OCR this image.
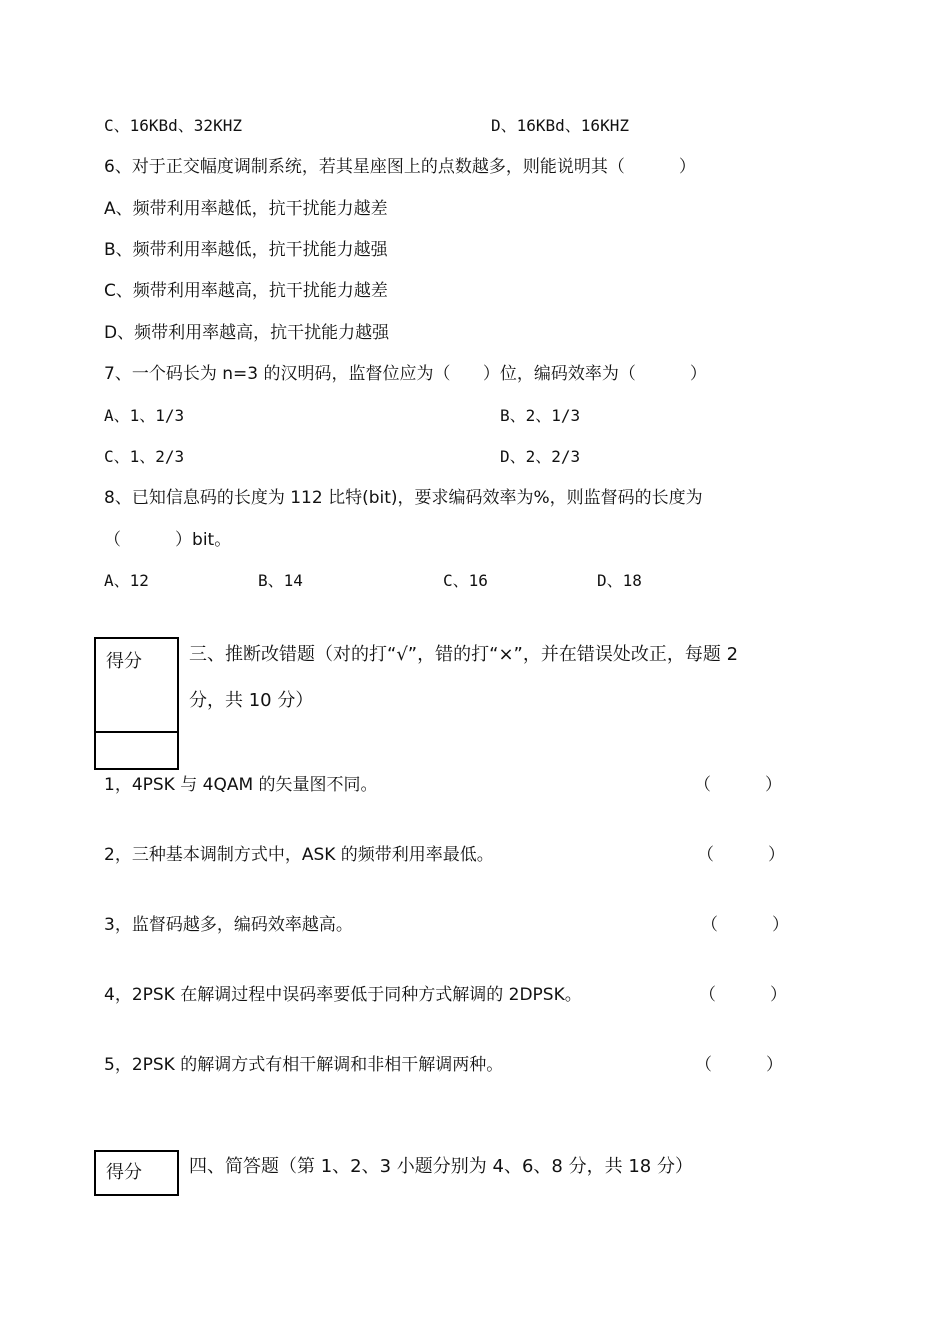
C、16KBd、32KHZ	D、16KBd、16KHZ
6、对于正交幅度调制系统，若其星座图上的点数越多，则能说明其（          ）
A、频带利用率越低，抗干扰能力越差
B、频带利用率越低，抗干扰能力越强
C、频带利用率越高，抗干扰能力越差
D、频带利用率越高，抗干扰能力越强
7、一个码长为 n=3 的汉明码，监督位应为（      ）位，编码效率为（          ）
A、1、1/3	B、2、1/3
C、1、2/3	D、2、2/3
8、已知信息码的长度为 112 比特(bit)，要求编码效率为%，则监督码的长度为
（          ）bit。
A、12	B、14	C、16	D、18
得分	三、推断改错题（对的打“√”，错的打“×”，并在错误处改正，每题 2
分，共 10 分）
1，4PSK 与 4QAM 的矢量图不同。	（          ）
2，三种基本调制方式中，ASK 的频带利用率最低。	（          ）
3，监督码越多，编码效率越高。	（          ）
4，2PSK 在解调过程中误码率要低于同种方式解调的 2DPSK。	（          ）
5，2PSK 的解调方式有相干解调和非相干解调两种。	（          ）
得分	四、简答题（第 1、2、3 小题分别为 4、6、8 分，共 18 分）
